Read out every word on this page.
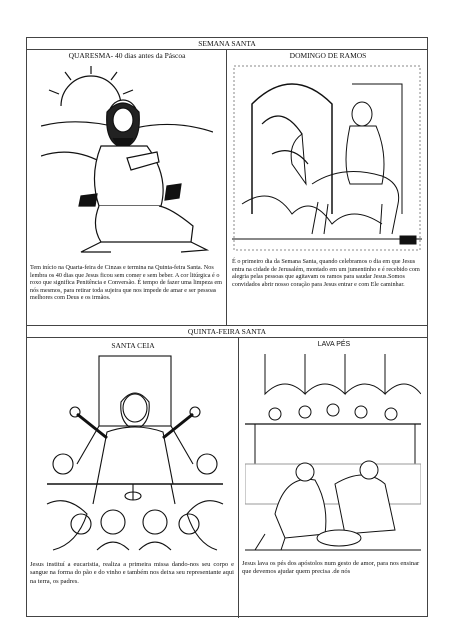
SEMANA SANTA
QUARESMA- 40 dias antes da Páscoa
Tem início na Quarta-feira de Cinzas e termina na Quinta-feira Santa. Nos lembra os 40 dias que Jesus ficou sem comer e sem beber. A cor litúrgica é o roxo que significa Penitência e Conversão. É tempo de fazer uma limpeza em nós mesmos, para retirar toda sujeira que nos impede de amar e ser pessoas melhores com Deus e os irmãos.
DOMINGO DE RAMOS
É o primeiro dia da Semana Santa, quando celebramos o dia em que Jesus entra na cidade de Jerusalém, montado em um jumentinho e é recebido com alegria pelas pessoas que agitavam os ramos para saudar Jesus.Somos convidados abrir nosso coração para Jesus entrar e com Ele caminhar.
QUINTA-FEIRA SANTA
SANTA CEIA
Jesus instituí a eucaristia, realiza a primeira missa dando-nos seu corpo e sangue na forma do pão e do vinho e também nos deixa seu representante aqui na terra, os padres.
LAVA PÉS
Jesus lava os pés dos apóstolos num gesto de amor, para nos ensinar que devemos ajudar quem precisa .de nós
